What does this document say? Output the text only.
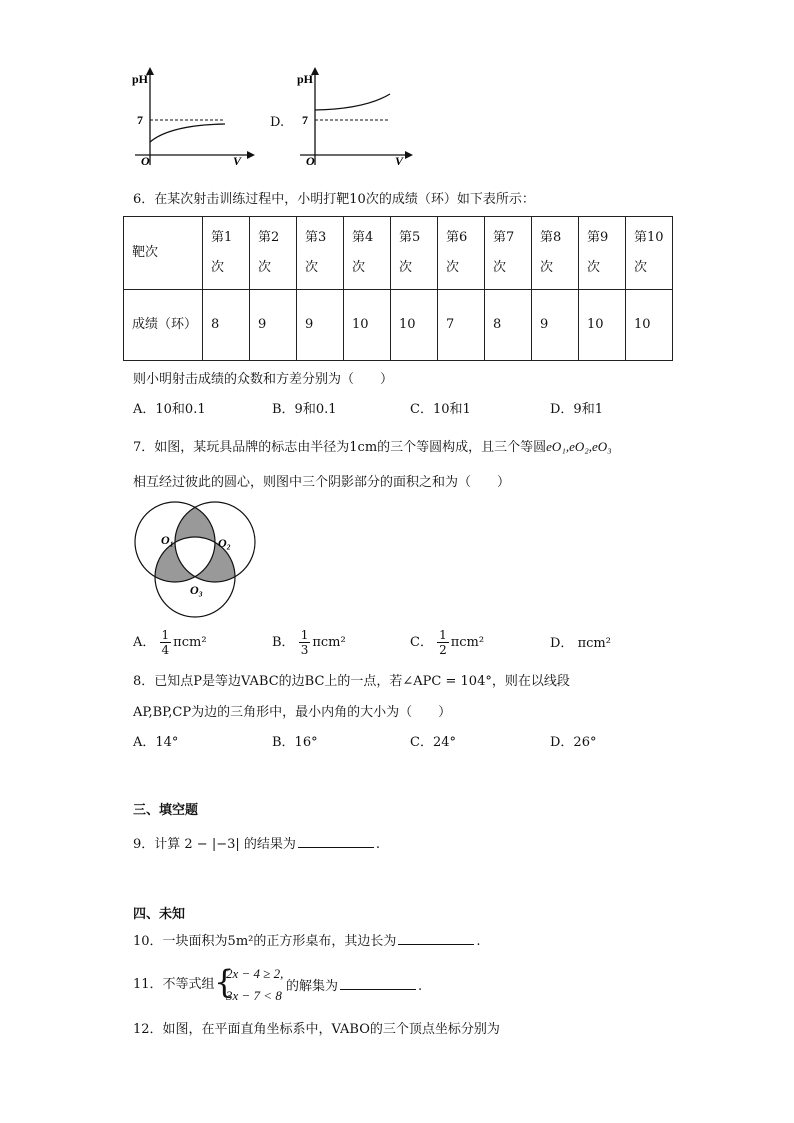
pH
7
O	V
D.
pH
7
O	V
6．在某次射击训练过程中，小明打靶10次的成绩（环）如下表所示：
靶次	第1次	第2次	第3次	第4次	第5次	第6次	第7次	第8次	第9次	第10次
成绩（环）	8	9	9	10	10	7	8	9	10	10
则小明射击成绩的众数和方差分别为（　　）
A．10和0.1	B．9和0.1	C．10和1	D．9和1
7．如图，某玩具品牌的标志由半径为1cm的三个等圆构成，且三个等圆eO₁,eO₂,eO₃
相互经过彼此的圆心，则图中三个阴影部分的面积之和为（　　）
O₁	O₂
O₃
A． $\frac{1}{4} \pi cm^2$	B． $\frac{1}{3} \pi cm^2$	C． $\frac{1}{2} \pi cm^2$	D． πcm²
8．已知点P是等边VABC的边BC上的一点，若∠APC = 104°，则在以线段
AP,BP,CP为边的三角形中，最小内角的大小为（　　）
A．14°	B．16°	C．24°	D．26°
三、填空题
9．计算 2 − |−3| 的结果为	.
四、未知
10．一块面积为5m²的正方形桌布，其边长为	.
11．不等式组 {
2x − 4 ≥ 2,
3x − 7 < 8
的解集为	.
12．如图，在平面直角坐标系中，VABO的三个顶点坐标分别为
